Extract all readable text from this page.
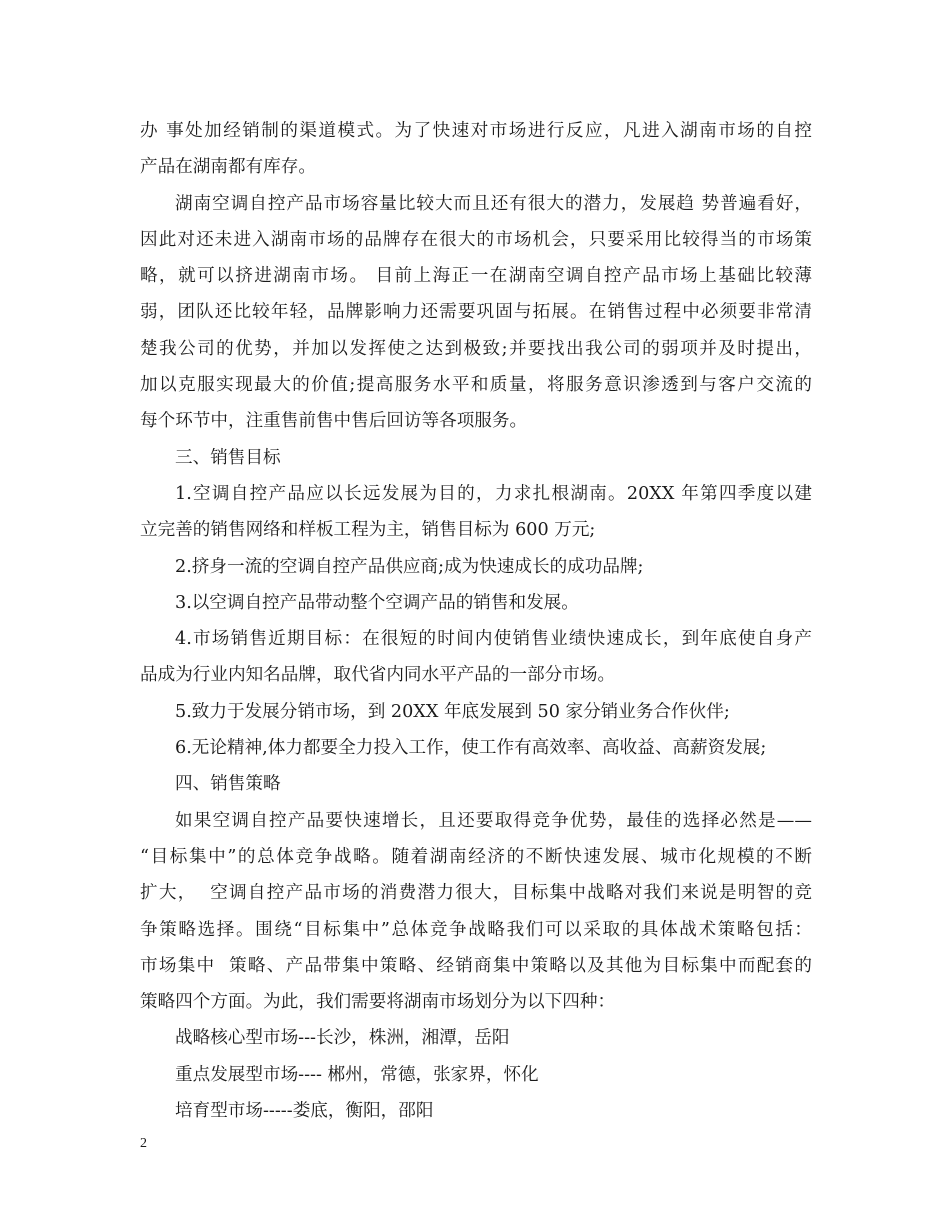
办 事处加经销制的渠道模式。为了快速对市场进行反应，凡进入湖南市场的自控
产品在湖南都有库存。
湖南空调自控产品市场容量比较大而且还有很大的潜力，发展趋 势普遍看好，
因此对还未进入湖南市场的品牌存在很大的市场机会，只要采用比较得当的市场策
略，就可以挤进湖南市场。 目前上海正一在湖南空调自控产品市场上基础比较薄
弱，团队还比较年轻，品牌影响力还需要巩固与拓展。在销售过程中必须要非常清
楚我公司的优势，并加以发挥使之达到极致;并要找出我公司的弱项并及时提出，
加以克服实现最大的价值;提高服务水平和质量，将服务意识渗透到与客户交流的
每个环节中，注重售前售中售后回访等各项服务。
三、销售目标
1.空调自控产品应以长远发展为目的，力求扎根湖南。20XX 年第四季度以建
立完善的销售网络和样板工程为主，销售目标为 600 万元;
2.挤身一流的空调自控产品供应商;成为快速成长的成功品牌;
3.以空调自控产品带动整个空调产品的销售和发展。
4.市场销售近期目标：在很短的时间内使销售业绩快速成长，到年底使自身产
品成为行业内知名品牌，取代省内同水平产品的一部分市场。
5.致力于发展分销市场，到 20XX 年底发展到 50 家分销业务合作伙伴;
6.无论精神,体力都要全力投入工作，使工作有高效率、高收益、高薪资发展;
四、销售策略
如果空调自控产品要快速增长，且还要取得竞争优势，最佳的选择必然是——
“目标集中”的总体竞争战略。随着湖南经济的不断快速发展、城市化规模的不断
扩大，  空调自控产品市场的消费潜力很大，目标集中战略对我们来说是明智的竞
争策略选择。围绕“目标集中”总体竞争战略我们可以采取的具体战术策略包括：
市场集中  策略、产品带集中策略、经销商集中策略以及其他为目标集中而配套的
策略四个方面。为此，我们需要将湖南市场划分为以下四种：
战略核心型市场---长沙，株洲，湘潭，岳阳
重点发展型市场---- 郴州，常德，张家界，怀化
培育型市场-----娄底，衡阳，邵阳
2
